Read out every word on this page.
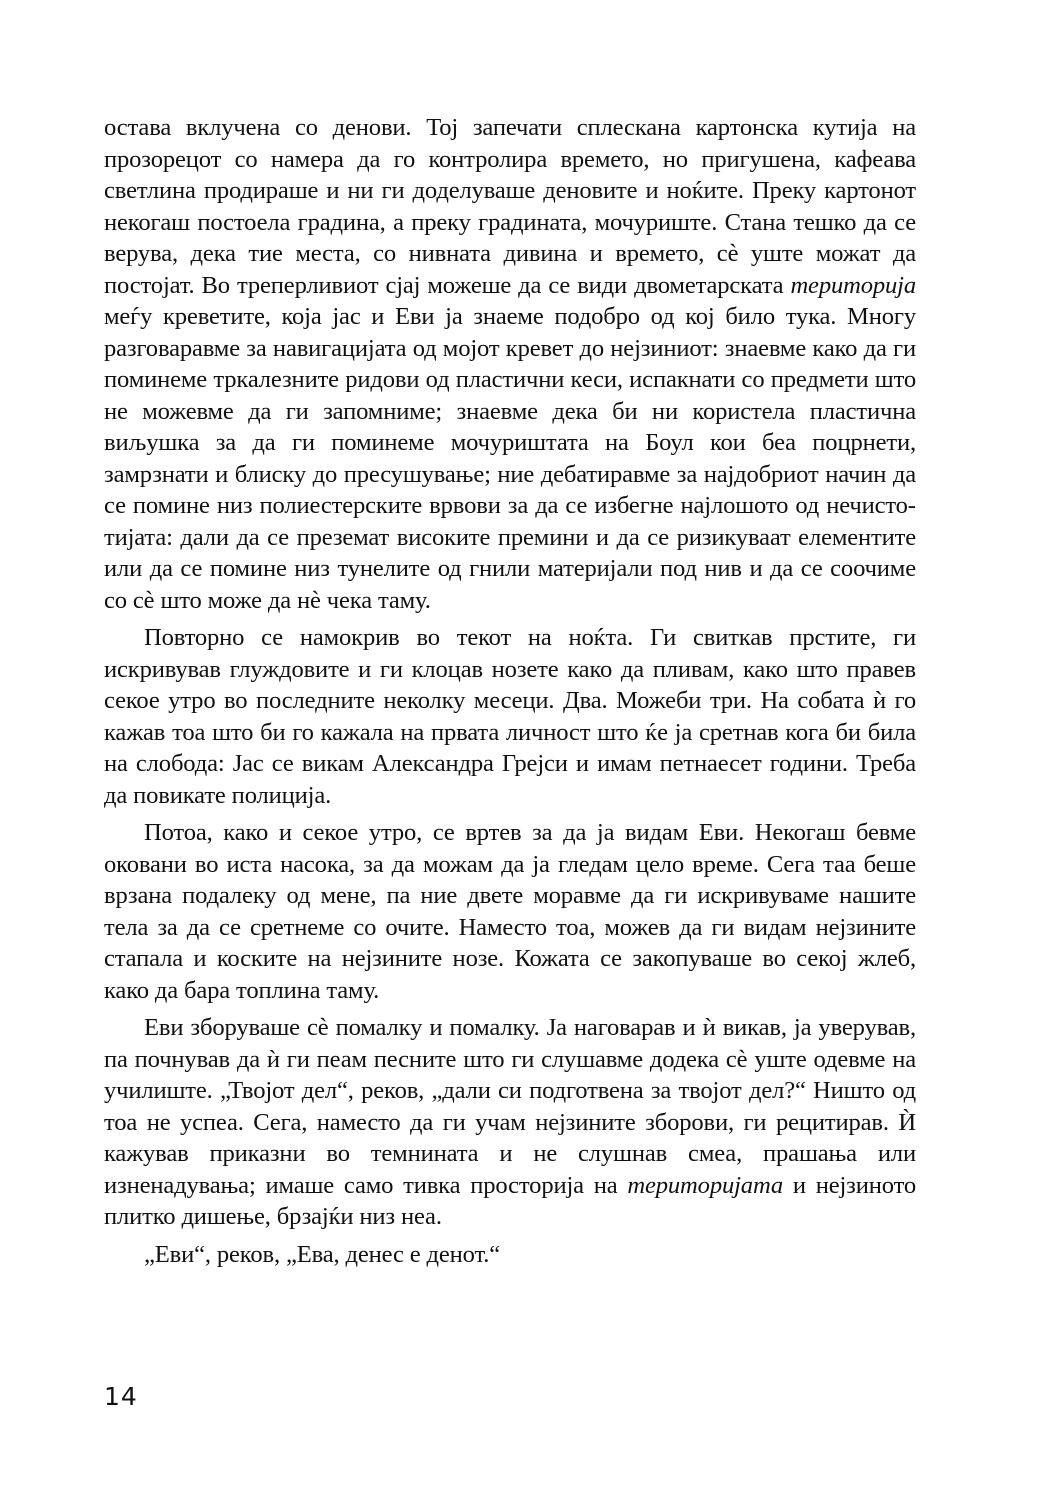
остава вклучена со денови. Тој запечати сплескана картонска кутија на прозорецот со намера да го контролира времето, но пригушена, кафеава светлина продираше и ни ги доделуваше деновите и ноќите. Преку картонот некогаш постоела градина, а преку градината, мочуриште. Стана тешко да се верува, дека тие места, со нивната дивина и времето, сѐ уште можат да постојат. Во треперливиот сјај можеше да се види двометарската територија меѓу креветите, која јас и Еви ја знаеме подобро од кој било тука. Многу разговаравме за навигацијата од мојот кревет до нејзиниот: знаевме како да ги поминеме тркалезните ридови од пластични кеси, испакнати со предмети што не можевме да ги запомниме; знаевме дека би ни користела пластична виљушка за да ги поминеме мочуриштата на Боул кои беа поцрнети, замрзнати и блиску до пресушување; ние дебатиравме за најдобриот начин да се помине низ полиестерските врвови за да се избегне најлошото од нечистотијата: дали да се преземат високите премини и да се ризикуваат елементите или да се помине низ тунелите од гнили материјали под нив и да се соочиме со сѐ што може да нѐ чека таму.

Повторно се намокрив во текот на ноќта. Ги свиткав прстите, ги искривував глуждовите и ги клоцав нозете како да пливам, како што правев секое утро во последните неколку месеци. Два. Можеби три. На собата ѝ го кажав тоа што би го кажала на првата личност што ќе ја сретнав кога би била на слобода: Јас се викам Александра Грејси и имам петнаесет години. Треба да повикате полиција.

Потоа, како и секое утро, се вртев за да ја видам Еви. Некогаш бевме оковани во иста насока, за да можам да ја гледам цело време. Сега таа беше врзана подалеку од мене, па ние двете моравме да ги искривуваме нашите тела за да се сретнеме со очите. Наместо тоа, можев да ги видам нејзините стапала и коските на нејзините нозе. Кожата се закопуваше во секој жлеб, како да бара топлина таму.

Еви зборуваше сѐ помалку и помалку. Ја наговарав и ѝ викав, ја уверував, па почнував да ѝ ги пеам песните што ги слушавме додека сѐ уште одевме на училиште. „Твојот дел“, реков, „дали си подготвена за твојот дел?“ Ништо од тоа не успеа. Сега, наместо да ги учам нејзините зборови, ги рецитирав. Ѝ кажував приказни во темнината и не слушнав смеа, прашања или изненадувања; имаше само тивка просторија на територијата и нејзиното плитко дишење, брзајќи низ неа.

„Еви“, реков, „Ева, денес е денот.“

14
